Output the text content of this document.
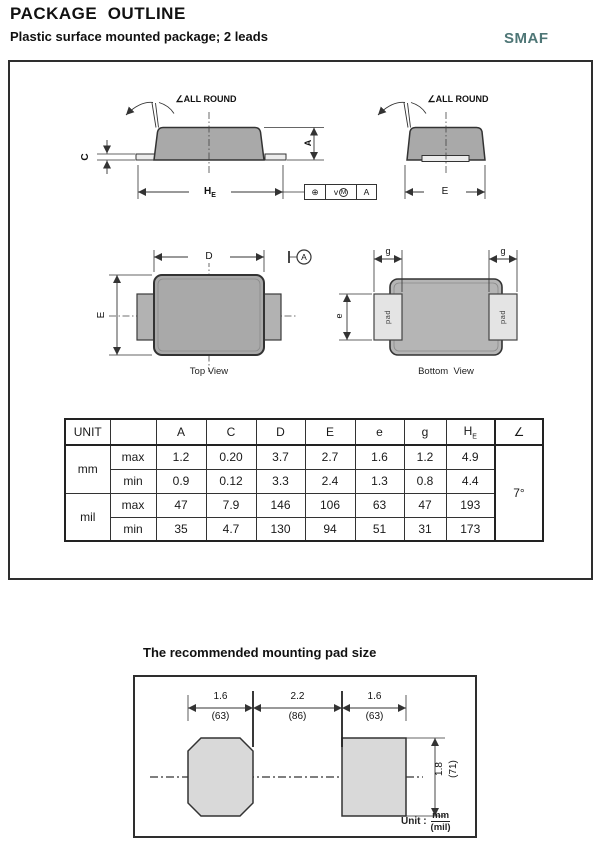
PACKAGE  OUTLINE
Plastic surface mounted package; 2 leads	SMAF
∠ALL ROUND	∠ALL ROUND
A
C
$H_E$	E
⊕	v M	A
D	A
E
Top View
g	g
e	pad	pad
Bottom  View
UNIT		A	C	D	E	e	g	$H_E$	∠
mm	max	1.2	0.20	3.7	2.7	1.6	1.2	4.9	7°
	min	0.9	0.12	3.3	2.4	1.3	0.8	4.4	
mil	max	47	7.9	146	106	63	47	193	
	min	35	4.7	130	94	51	31	173	
The recommended mounting pad size
1.6
(63)
2.2
(86)
1.6
(63)
1.8 (71)
Unit :
mm
(mil)
